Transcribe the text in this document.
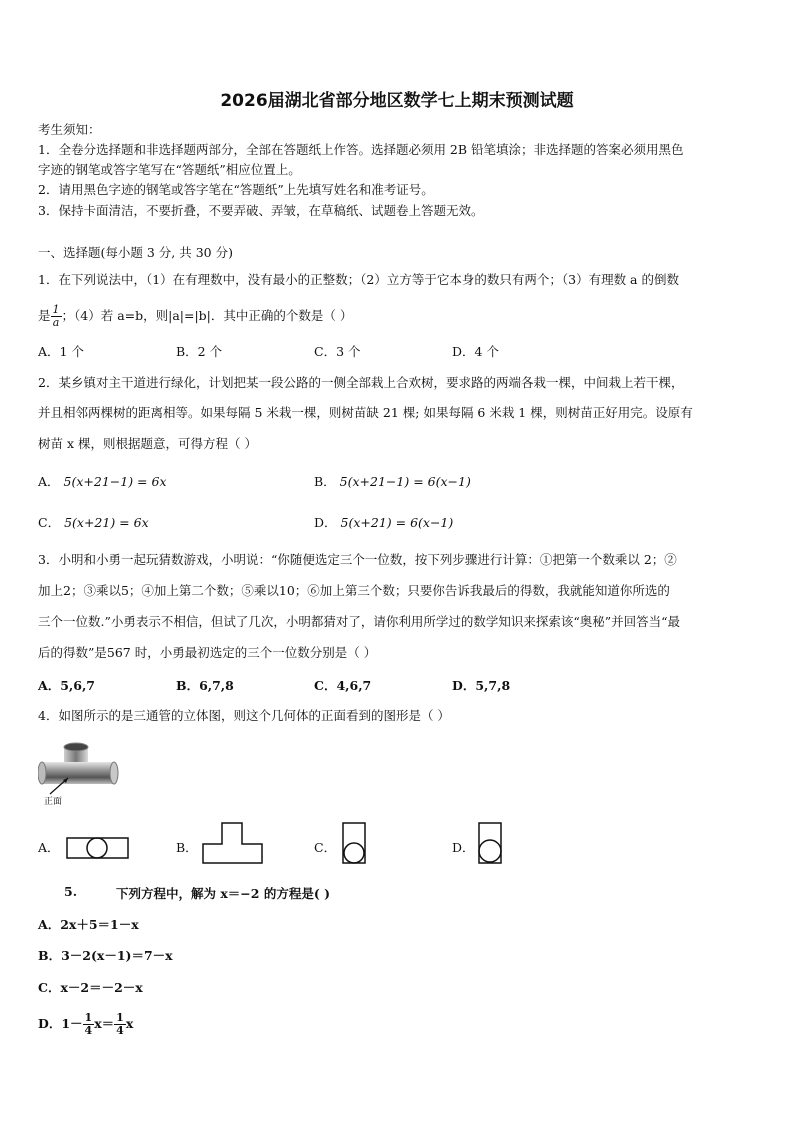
2026届湖北省部分地区数学七上期末预测试题
考生须知：
1．全卷分选择题和非选择题两部分，全部在答题纸上作答。选择题必须用 2B 铅笔填涂；非选择题的答案必须用黑色
字迹的钢笔或答字笔写在“答题纸”相应位置上。
2．请用黑色字迹的钢笔或答字笔在“答题纸”上先填写姓名和准考证号。
3．保持卡面清洁，不要折叠，不要弄破、弄皱，在草稿纸、试题卷上答题无效。
一、选择题(每小题 3 分, 共 30 分)
1．在下列说法中，（1）在有理数中，没有最小的正整数；（2）立方等于它本身的数只有两个；（3）有理数 a 的倒数
是 $\frac{1}{a}$ ；（4）若 a=b，则|a|=|b|．其中正确的个数是（ ）
A．1 个	B．2 个	C．3 个	D．4 个
2．某乡镇对主干道进行绿化，计划把某一段公路的一侧全部栽上合欢树，要求路的两端各栽一棵，中间栽上若干棵，
并且相邻两棵树的距离相等。如果每隔 5 米栽一棵，则树苗缺 21 棵; 如果每隔 6 米栽 1 棵，则树苗正好用完。设原有
树苗 x 棵，则根据题意，可得方程（ ）
A． 5(x+21−1) = 6x	B． 5(x+21−1) = 6(x−1)
C． 5(x+21) = 6x	D． 5(x+21) = 6(x−1)
3．小明和小勇一起玩猜数游戏，小明说：“你随便选定三个一位数，按下列步骤进行计算：①把第一个数乘以 2；②
加上2；③乘以5；④加上第二个数；⑤乘以10；⑥加上第三个数；只要你告诉我最后的得数，我就能知道你所选的
三个一位数.”小勇表示不相信，但试了几次，小明都猜对了，请你利用所学过的数学知识来探索该“奥秘”并回答当“最
后的得数”是567 时，小勇最初选定的三个一位数分别是（ ）
A．5,6,7	B．6,7,8	C．4,6,7	D．5,7,8
4．如图所示的是三通管的立体图，则这个几何体的正面看到的图形是（ ）
正面
A．	B．	C．	D．
5.	下列方程中，解为 x＝−2 的方程是( )
A．2x＋5＝1－x
B．3－2(x－1)＝7－x
C．x－2＝－2－x
D．$1- \frac{1}{4} x= \frac{1}{4}$ x
